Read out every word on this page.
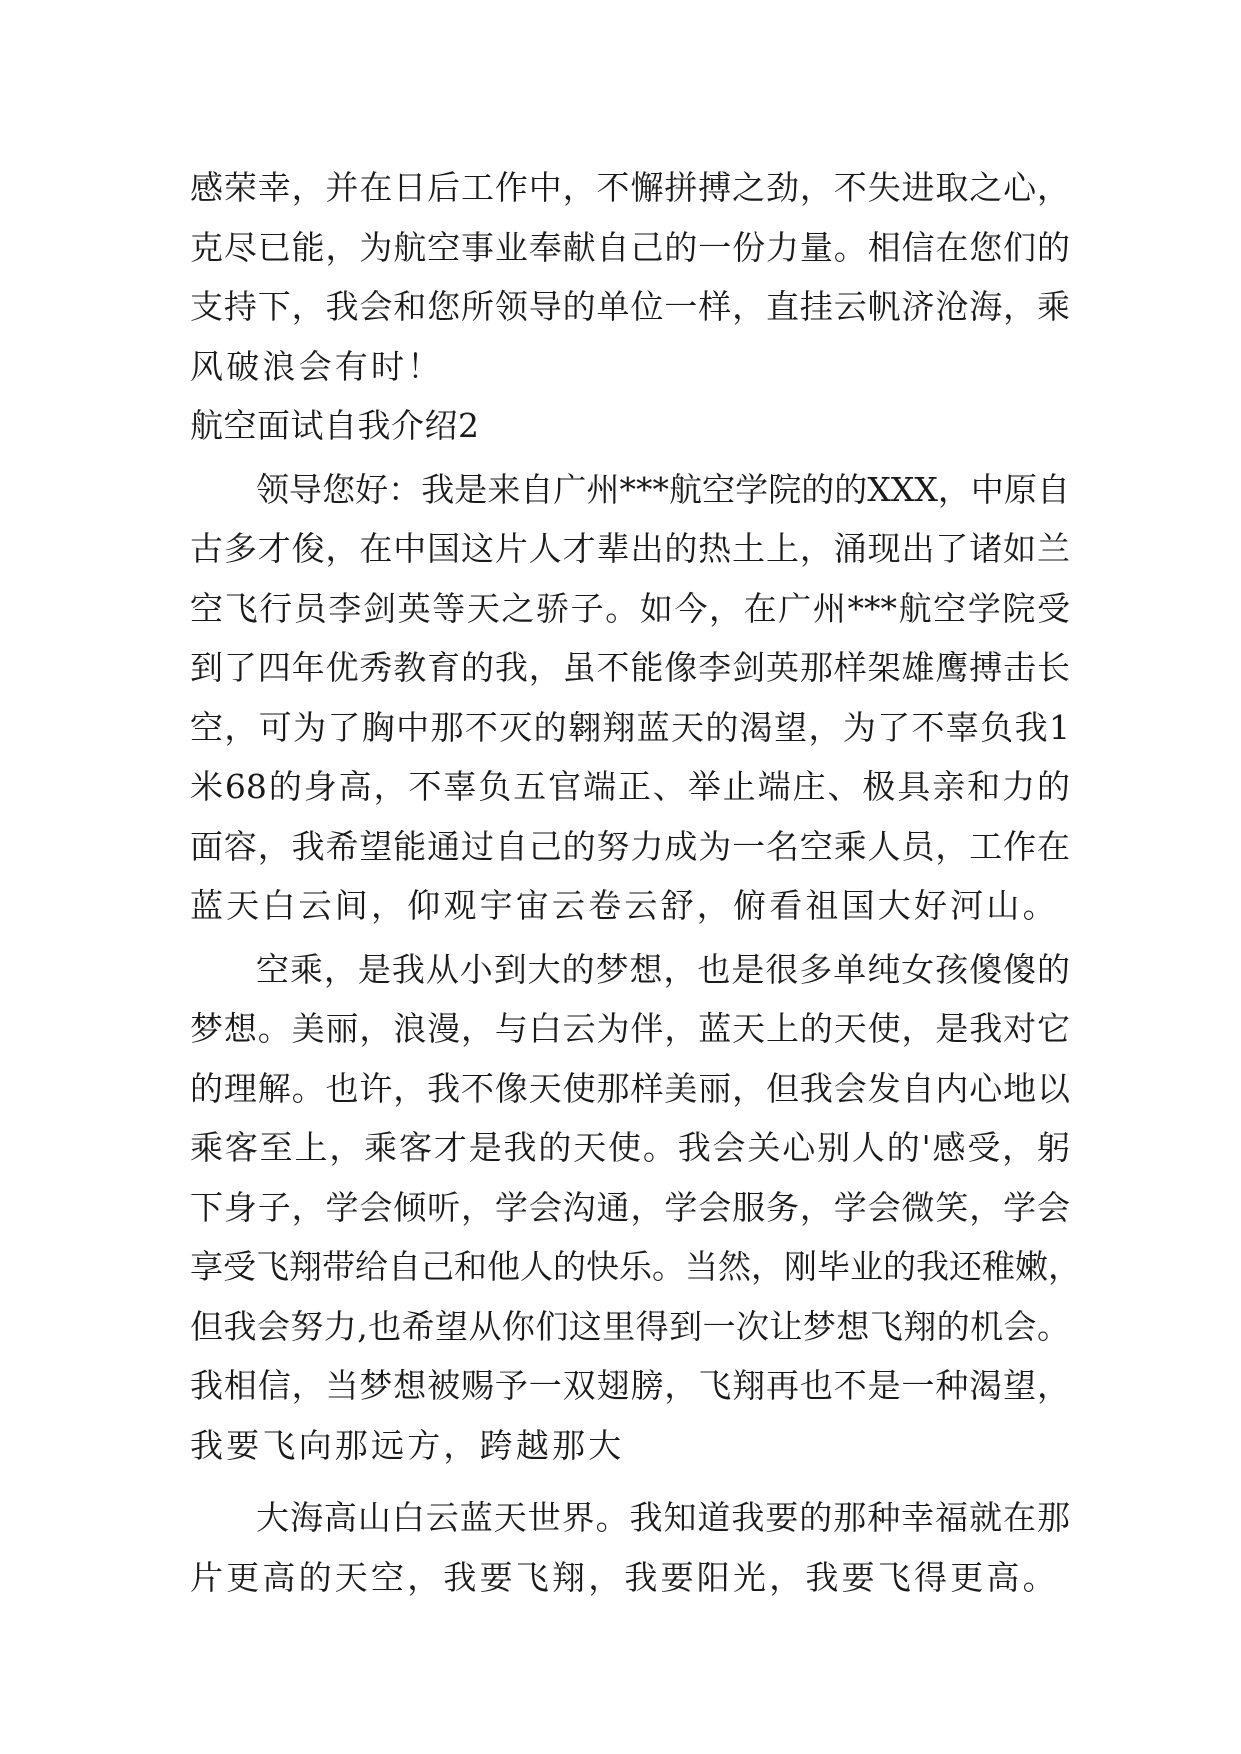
感荣幸，并在日后工作中，不懈拼搏之劲，不失进取之心，
克尽已能，为航空事业奉献自己的一份力量。相信在您们的
支持下，我会和您所领导的单位一样，直挂云帆济沧海，乘
风破浪会有时！
航空面试自我介绍2
领导您好：我是来自广州***航空学院的的XXX，中原自
古多才俊，在中国这片人才辈出的热土上，涌现出了诸如兰
空飞行员李剑英等天之骄子。如今，在广州***航空学院受
到了四年优秀教育的我，虽不能像李剑英那样架雄鹰搏击长
空，可为了胸中那不灭的翱翔蓝天的渴望，为了不辜负我1
米68的身高，不辜负五官端正、举止端庄、极具亲和力的
面容，我希望能通过自己的努力成为一名空乘人员，工作在
蓝天白云间，仰观宇宙云卷云舒，俯看祖国大好河山。
空乘，是我从小到大的梦想，也是很多单纯女孩傻傻的
梦想。美丽，浪漫，与白云为伴，蓝天上的天使，是我对它
的理解。也许，我不像天使那样美丽，但我会发自内心地以
乘客至上，乘客才是我的天使。我会关心别人的'感受，躬
下身子，学会倾听，学会沟通，学会服务，学会微笑，学会
享受飞翔带给自己和他人的快乐。当然，刚毕业的我还稚嫩，
但我会努力,也希望从你们这里得到一次让梦想飞翔的机会。
我相信，当梦想被赐予一双翅膀，飞翔再也不是一种渴望，
我要飞向那远方，跨越那大
大海高山白云蓝天世界。我知道我要的那种幸福就在那
片更高的天空，我要飞翔，我要阳光，我要飞得更高。
